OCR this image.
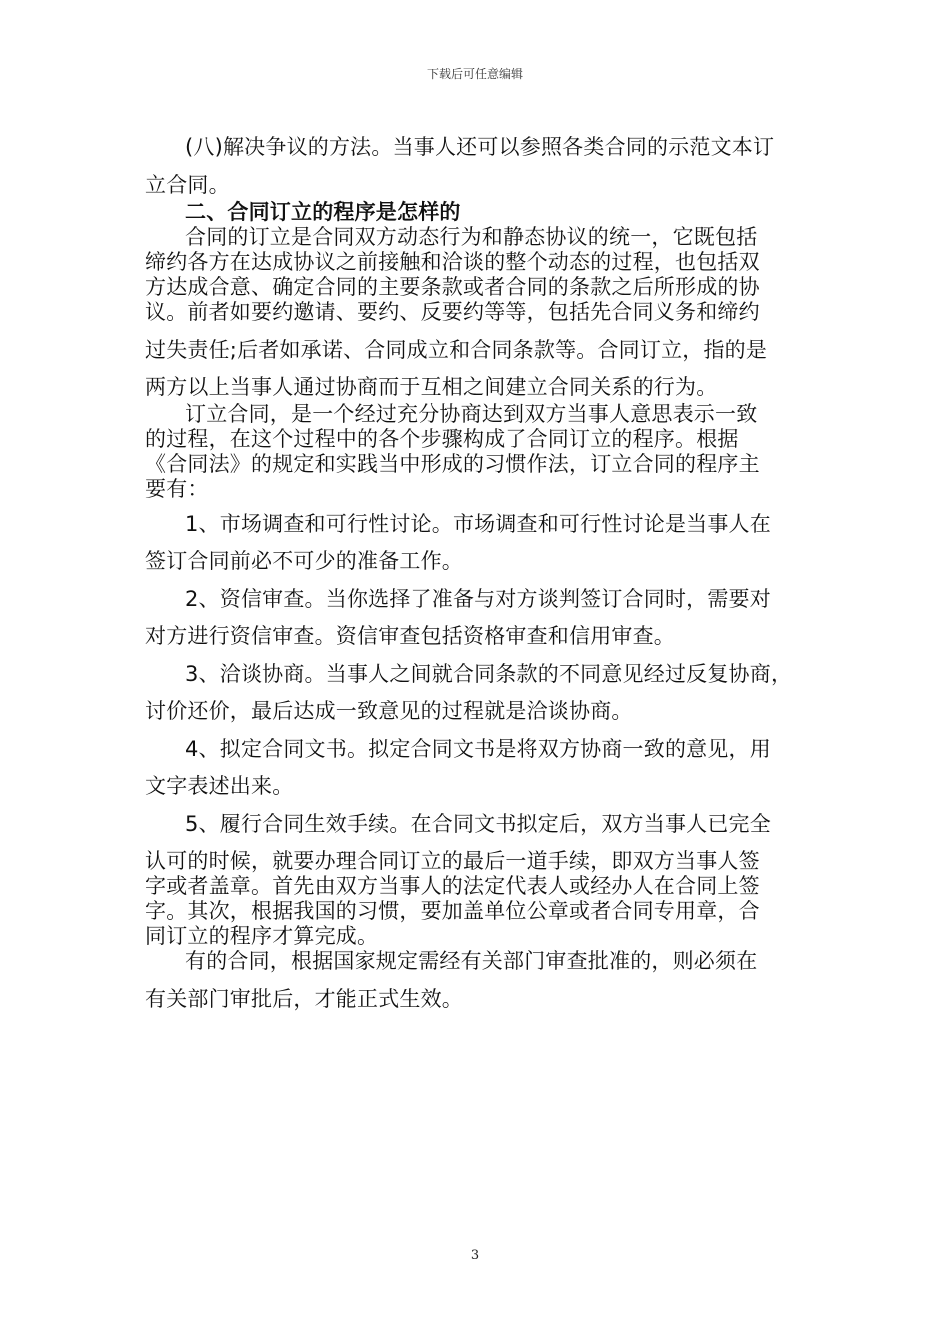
下载后可任意编辑
(八)解决争议的方法。当事人还可以参照各类合同的示范文本订
立合同。
二、合同订立的程序是怎样的
合同的订立是合同双方动态行为和静态协议的统一，它既包括
缔约各方在达成协议之前接触和洽谈的整个动态的过程，也包括双
方达成合意、确定合同的主要条款或者合同的条款之后所形成的协
议。前者如要约邀请、要约、反要约等等，包括先合同义务和缔约
过失责任;后者如承诺、合同成立和合同条款等。合同订立，指的是
两方以上当事人通过协商而于互相之间建立合同关系的行为。
订立合同，是一个经过充分协商达到双方当事人意思表示一致
的过程，在这个过程中的各个步骤构成了合同订立的程序。根据
《合同法》的规定和实践当中形成的习惯作法，订立合同的程序主
要有：
1、市场调查和可行性讨论。市场调查和可行性讨论是当事人在
签订合同前必不可少的准备工作。
2、资信审查。当你选择了准备与对方谈判签订合同时，需要对
对方进行资信审查。资信审查包括资格审查和信用审查。
3、洽谈协商。当事人之间就合同条款的不同意见经过反复协商，
讨价还价，最后达成一致意见的过程就是洽谈协商。
4、拟定合同文书。拟定合同文书是将双方协商一致的意见，用
文字表述出来。
5、履行合同生效手续。在合同文书拟定后，双方当事人已完全
认可的时候，就要办理合同订立的最后一道手续，即双方当事人签
字或者盖章。首先由双方当事人的法定代表人或经办人在合同上签
字。其次，根据我国的习惯，要加盖单位公章或者合同专用章，合
同订立的程序才算完成。
有的合同，根据国家规定需经有关部门审查批准的，则必须在
有关部门审批后，才能正式生效。
3
